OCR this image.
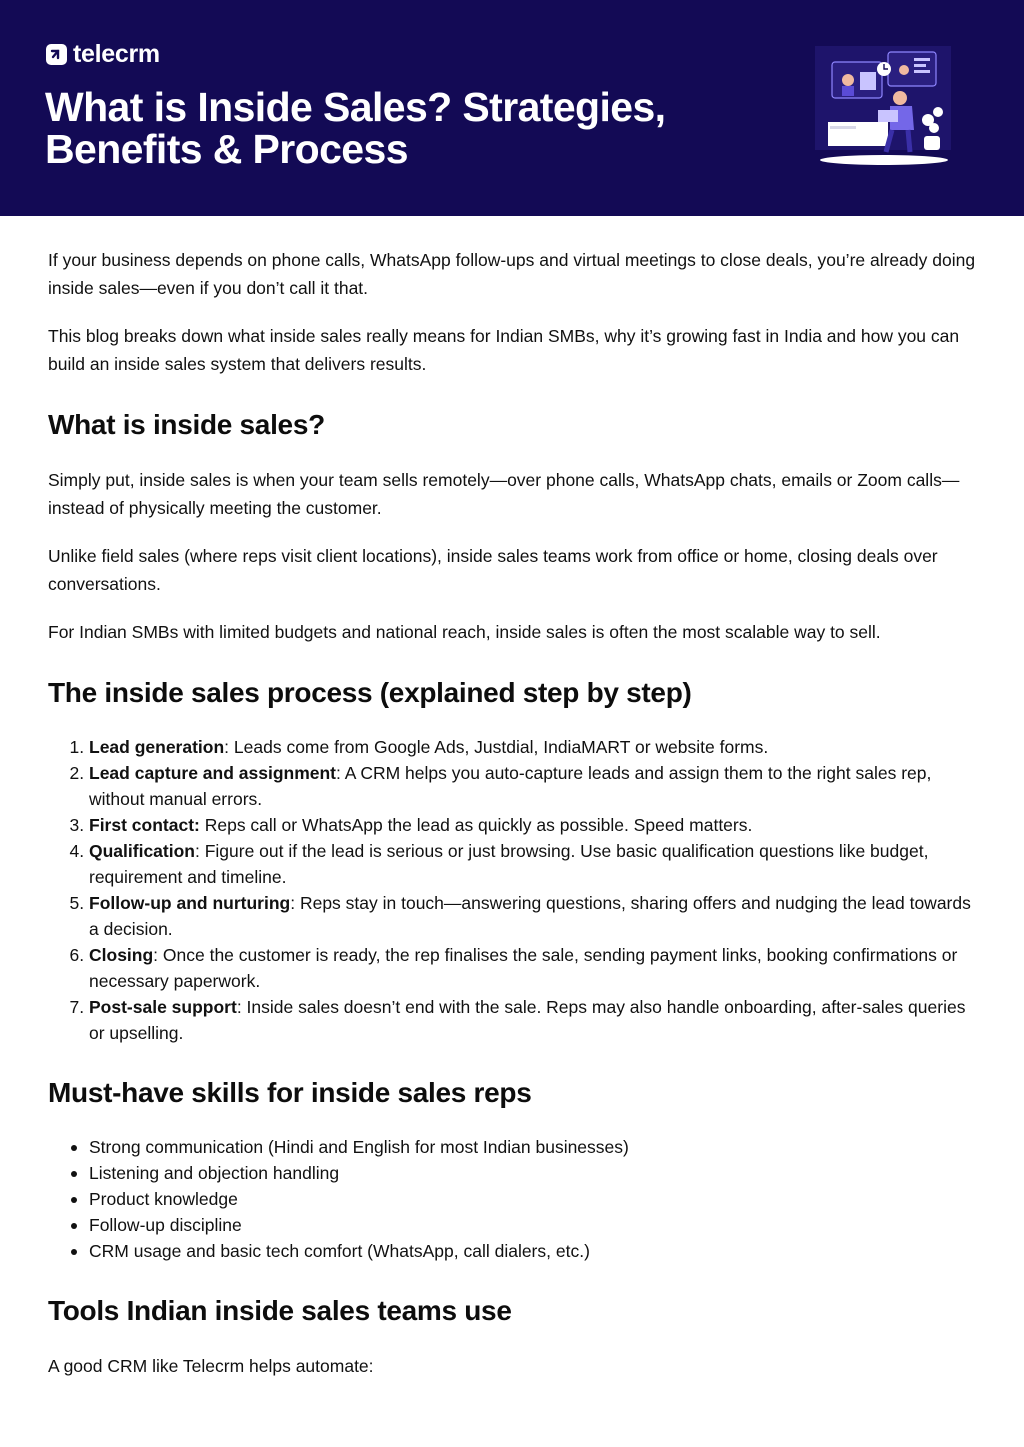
telecrm
What is Inside Sales? Strategies,
Benefits & Process

If your business depends on phone calls, WhatsApp follow-ups and virtual meetings to close deals, you’re already doing inside sales—even if you don’t call it that.

This blog breaks down what inside sales really means for Indian SMBs, why it’s growing fast in India and how you can build an inside sales system that delivers results.

What is inside sales?

Simply put, inside sales is when your team sells remotely—over phone calls, WhatsApp chats, emails or Zoom calls—instead of physically meeting the customer.

Unlike field sales (where reps visit client locations), inside sales teams work from office or home, closing deals over conversations.

For Indian SMBs with limited budgets and national reach, inside sales is often the most scalable way to sell.

The inside sales process (explained step by step)
1. Lead generation: Leads come from Google Ads, Justdial, IndiaMART or website forms.
2. Lead capture and assignment: A CRM helps you auto-capture leads and assign them to the right sales rep, without manual errors.
3. First contact: Reps call or WhatsApp the lead as quickly as possible. Speed matters.
4. Qualification: Figure out if the lead is serious or just browsing. Use basic qualification questions like budget, requirement and timeline.
5. Follow-up and nurturing: Reps stay in touch—answering questions, sharing offers and nudging the lead towards a decision.
6. Closing: Once the customer is ready, the rep finalises the sale, sending payment links, booking confirmations or necessary paperwork.
7. Post-sale support: Inside sales doesn’t end with the sale. Reps may also handle onboarding, after-sales queries or upselling.
Must-have skills for inside sales reps
• Strong communication (Hindi and English for most Indian businesses)
• Listening and objection handling
• Product knowledge
• Follow-up discipline
• CRM usage and basic tech comfort (WhatsApp, call dialers, etc.)
Tools Indian inside sales teams use

A good CRM like Telecrm helps automate:
